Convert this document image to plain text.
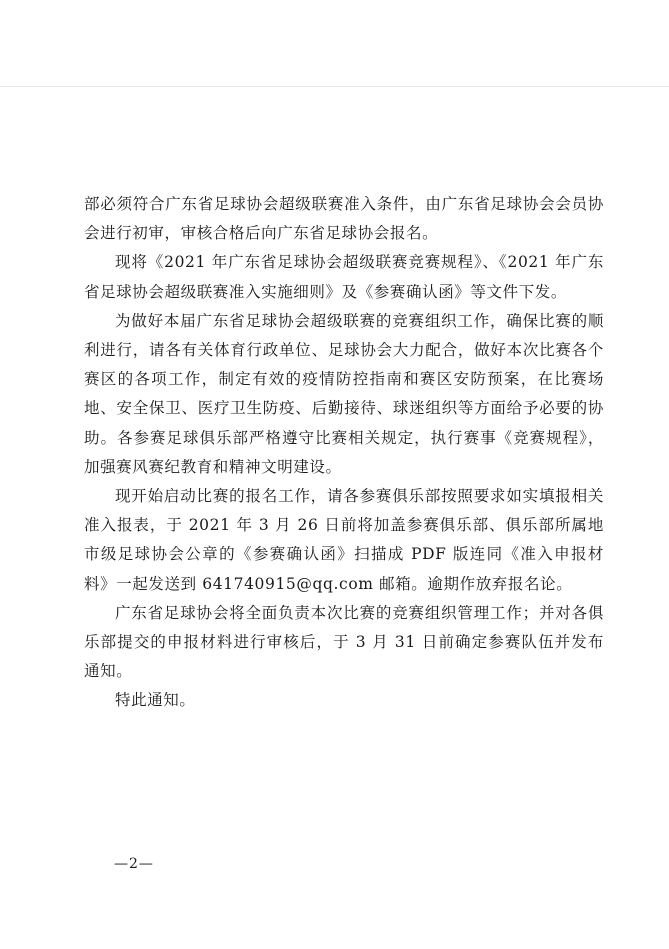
部必须符合广东省足球协会超级联赛准入条件，由广东省足球协会会员协会进行初审，审核合格后向广东省足球协会报名。

现将《2021 年广东省足球协会超级联赛竞赛规程》、《2021 年广东省足球协会超级联赛准入实施细则》及《参赛确认函》等文件下发。

为做好本届广东省足球协会超级联赛的竞赛组织工作，确保比赛的顺利进行，请各有关体育行政单位、足球协会大力配合，做好本次比赛各个赛区的各项工作，制定有效的疫情防控指南和赛区安防预案，在比赛场地、安全保卫、医疗卫生防疫、后勤接待、球迷组织等方面给予必要的协助。各参赛足球俱乐部严格遵守比赛相关规定，执行赛事《竞赛规程》，加强赛风赛纪教育和精神文明建设。

现开始启动比赛的报名工作，请各参赛俱乐部按照要求如实填报相关准入报表，于 2021 年 3 月 26 日前将加盖参赛俱乐部、俱乐部所属地市级足球协会公章的《参赛确认函》扫描成 PDF 版连同《准入申报材料》一起发送到 641740915@qq.com 邮箱。逾期作放弃报名论。

广东省足球协会将全面负责本次比赛的竞赛组织管理工作；并对各俱乐部提交的申报材料进行审核后，于 3 月 31 日前确定参赛队伍并发布通知。

特此通知。

—2—
